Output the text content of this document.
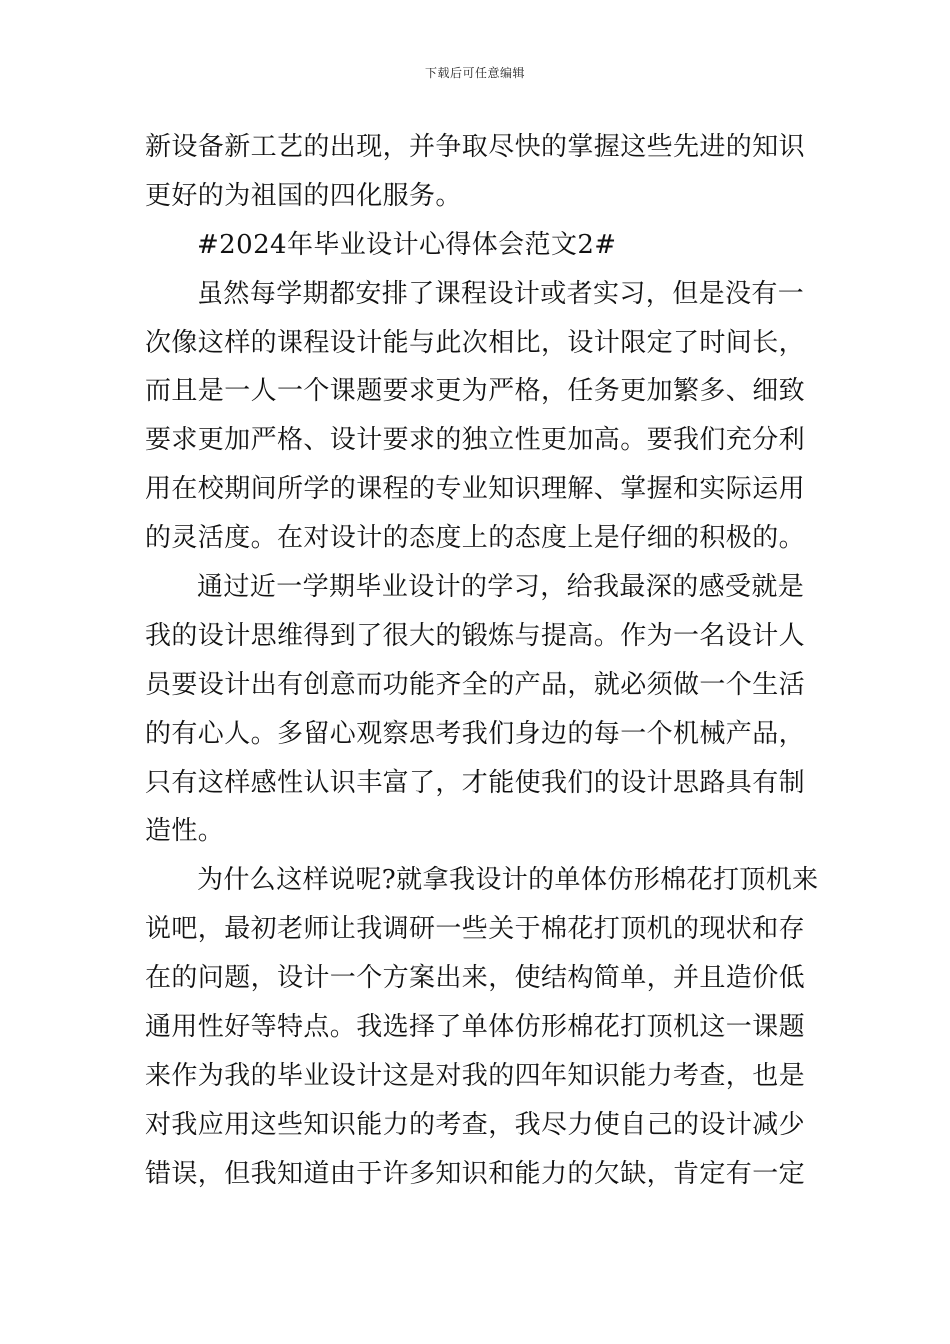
下载后可任意编辑
新设备新工艺的出现，并争取尽快的掌握这些先进的知识
更好的为祖国的四化服务。
#2024年毕业设计心得体会范文2#
虽然每学期都安排了课程设计或者实习，但是没有一
次像这样的课程设计能与此次相比，设计限定了时间长，
而且是一人一个课题要求更为严格，任务更加繁多、细致
要求更加严格、设计要求的独立性更加高。要我们充分利
用在校期间所学的课程的专业知识理解、掌握和实际运用
的灵活度。在对设计的态度上的态度上是仔细的积极的。
通过近一学期毕业设计的学习，给我最深的感受就是
我的设计思维得到了很大的锻炼与提高。作为一名设计人
员要设计出有创意而功能齐全的产品，就必须做一个生活
的有心人。多留心观察思考我们身边的每一个机械产品，
只有这样感性认识丰富了，才能使我们的设计思路具有制
造性。
为什么这样说呢?就拿我设计的单体仿形棉花打顶机来
说吧，最初老师让我调研一些关于棉花打顶机的现状和存
在的问题，设计一个方案出来，使结构简单，并且造价低
通用性好等特点。我选择了单体仿形棉花打顶机这一课题
来作为我的毕业设计这是对我的四年知识能力考查，也是
对我应用这些知识能力的考查，我尽力使自己的设计减少
错误，但我知道由于许多知识和能力的欠缺，肯定有一定
